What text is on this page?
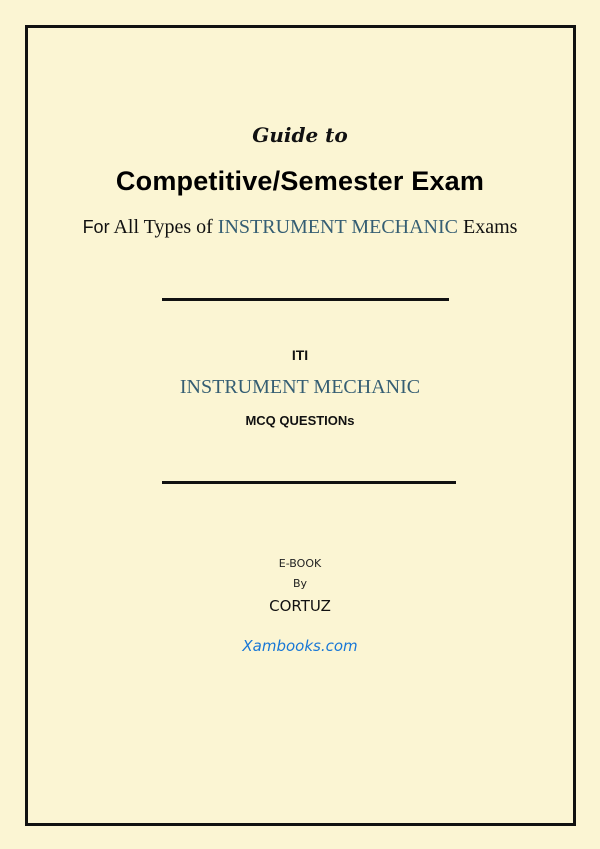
Guide to
Competitive/Semester Exam
For All Types of INSTRUMENT MECHANIC Exams
ITI
INSTRUMENT MECHANIC
MCQ QUESTIONs
E-BOOK
By
CORTUZ
Xambooks.com
